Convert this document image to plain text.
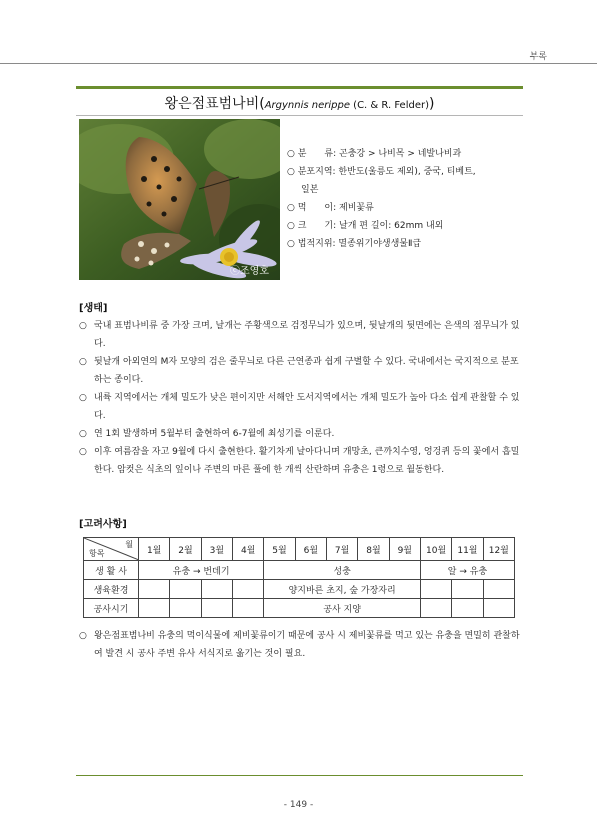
부록
왕은점표범나비(Argynnis nerippe (C. & R. Felder))
ⓒ조영호
○ 분　　류: 곤충강 > 나비목 > 네발나비과
○ 분포지역: 한반도(울릉도 제외), 중국, 티베트,
일본
○ 먹　　이: 제비꽃류
○ 크　　기: 날개 편 길이: 62mm 내외
○ 법적지위: 멸종위기야생생물Ⅱ급
[생태]
○ 국내 표범나비류 중 가장 크며, 날개는 주황색으로 검정무늬가 있으며, 뒷날개의 뒷면에는 은색의 점무늬가 있다.
○ 뒷날개 아외연의 M자 모양의 검은 줄무늬로 다른 근연종과 쉽게 구별할 수 있다. 국내에서는 국지적으로 분포하는 종이다.
○ 내륙 지역에서는 개체 밀도가 낮은 편이지만 서해안 도서지역에서는 개체 밀도가 높아 다소 쉽게 관찰할 수 있다.
○ 연 1회 발생하며 5월부터 출현하여 6-7월에 최성기를 이룬다.
○ 이후 여름잠을 자고 9월에 다시 출현한다. 활기차게 날아다니며 개망초, 큰까치수영, 엉겅퀴 등의 꽃에서 흡밀한다. 암컷은 식초의 잎이나 주변의 마른 풀에 한 개씩 산란하며 유충은 1령으로 월동한다.
[고려사항]
월
항목	1월	2월	3월	4월	5월	6월	7월	8월	9월	10월	11월	12월
생 활 사	유충 → 번데기				성충					알 → 유충		
생육환경					양지바른 초지, 숲 가장자리							
공사시기					공사 지양							
○ 왕은점표범나비 유충의 먹이식물에 제비꽃류이기 때문에 공사 시 제비꽃류를 먹고 있는 유충을 면밀히 관찰하여 발견 시 공사 주변 유사 서식지로 옮기는 것이 필요.
- 149 -
